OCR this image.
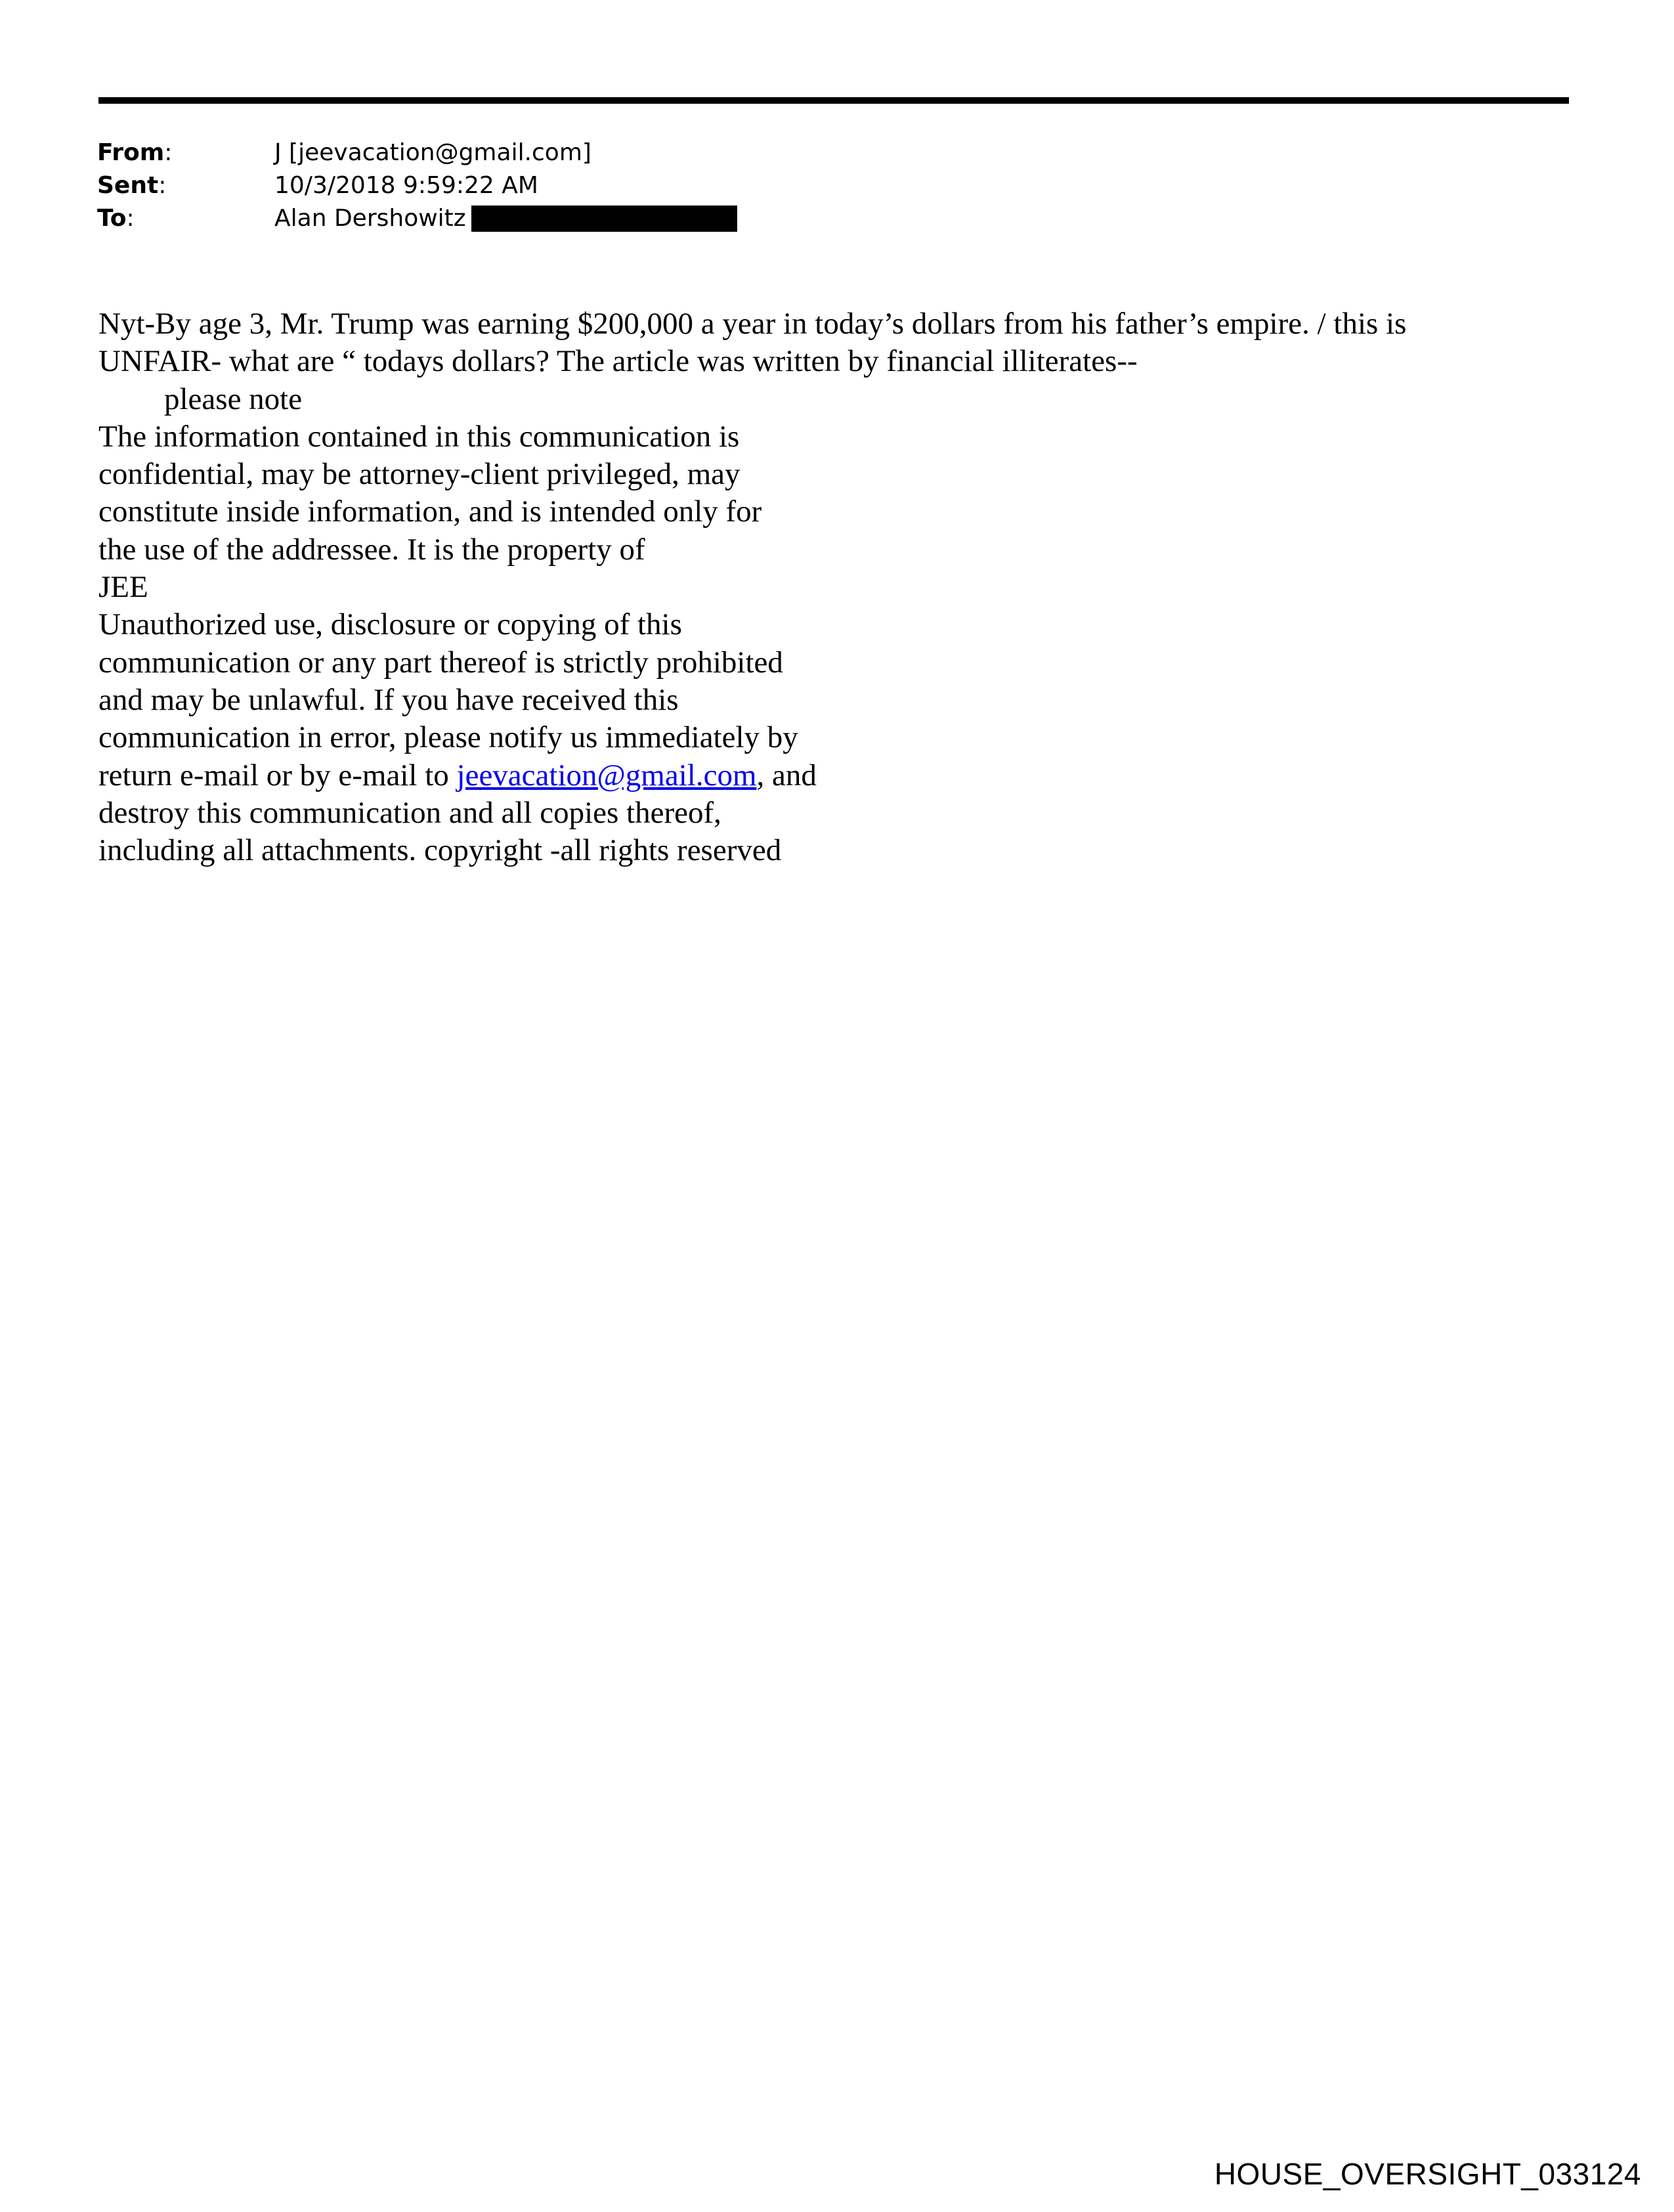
From:	J [jeevacation@gmail.com]
Sent:	10/3/2018 9:59:22 AM
To:	Alan Dershowitz

Nyt-By age 3, Mr. Trump was earning $200,000 a year in today’s dollars from his father’s empire. / this is

UNFAIR- what are “ todays dollars? The article was written by financial illiterates--

please note

The information contained in this communication is

confidential, may be attorney-client privileged, may

constitute inside information, and is intended only for

the use of the addressee. It is the property of

JEE

Unauthorized use, disclosure or copying of this

communication or any part thereof is strictly prohibited

and may be unlawful. If you have received this

communication in error, please notify us immediately by

return e-mail or by e-mail to jeevacation@gmail.com, and

destroy this communication and all copies thereof,

including all attachments. copyright -all rights reserved

HOUSE_OVERSIGHT_033124
